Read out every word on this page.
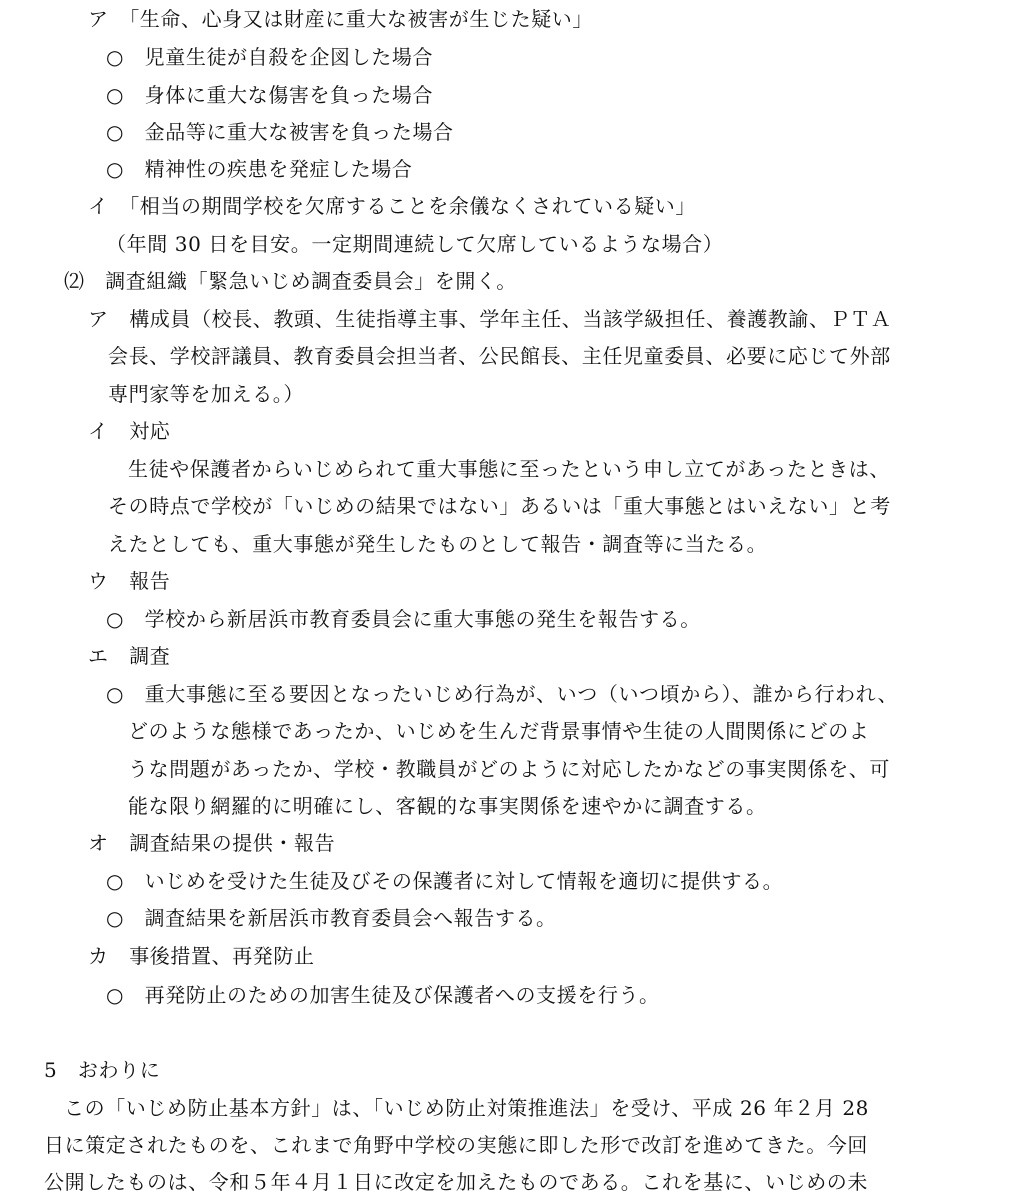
ア　「生命、心身又は財産に重大な被害が生じた疑い」
○　児童生徒が自殺を企図した場合
○　身体に重大な傷害を負った場合
○　金品等に重大な被害を負った場合
○　精神性の疾患を発症した場合
イ　「相当の期間学校を欠席することを余儀なくされている疑い」
（年間 30 日を目安。一定期間連続して欠席しているような場合）
⑵　調査組織「緊急いじめ調査委員会」を開く。
ア　構成員（校長、教頭、生徒指導主事、学年主任、当該学級担任、養護教諭、ＰＴＡ
会長、学校評議員、教育委員会担当者、公民館長、主任児童委員、必要に応じて外部
専門家等を加える。）
イ　対応
生徒や保護者からいじめられて重大事態に至ったという申し立てがあったときは、
その時点で学校が「いじめの結果ではない」あるいは「重大事態とはいえない」と考
えたとしても、重大事態が発生したものとして報告・調査等に当たる。
ウ　報告
○　学校から新居浜市教育委員会に重大事態の発生を報告する。
エ　調査
○　重大事態に至る要因となったいじめ行為が、いつ（いつ頃から）、誰から行われ、
どのような態様であったか、いじめを生んだ背景事情や生徒の人間関係にどのよ
うな問題があったか、学校・教職員がどのように対応したかなどの事実関係を、可
能な限り網羅的に明確にし、客観的な事実関係を速やかに調査する。
オ　調査結果の提供・報告
○　いじめを受けた生徒及びその保護者に対して情報を適切に提供する。
○　調査結果を新居浜市教育委員会へ報告する。
カ　事後措置、再発防止
○　再発防止のための加害生徒及び保護者への支援を行う。
5　おわりに
この「いじめ防止基本方針」は、「いじめ防止対策推進法」を受け、平成 26 年２月 28
日に策定されたものを、これまで角野中学校の実態に即した形で改訂を進めてきた。今回
公開したものは、令和５年４月１日に改定を加えたものである。これを基に、いじめの未
